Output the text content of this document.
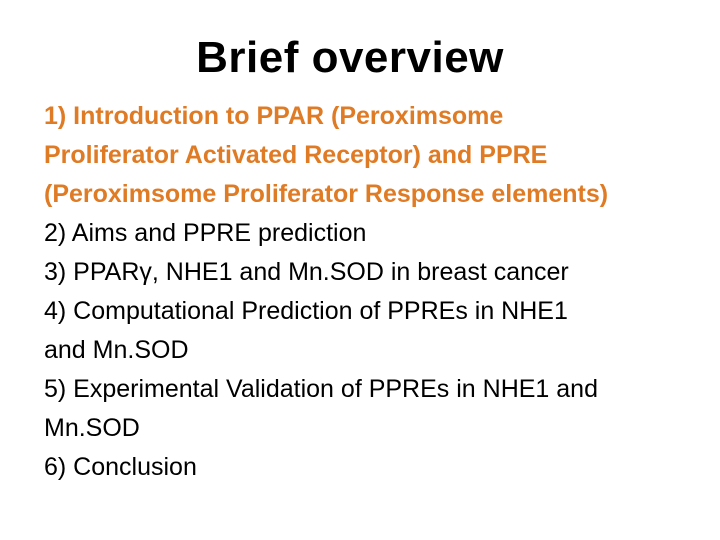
Brief overview
1) Introduction to PPAR (Peroximsome
Proliferator Activated Receptor) and PPRE
(Peroximsome Proliferator Response elements)
2) Aims and PPRE prediction
3) PPARγ, NHE1 and Mn.SOD in breast cancer
4) Computational Prediction of PPREs in NHE1
and Mn.SOD
5) Experimental Validation of PPREs in NHE1 and
Mn.SOD
6) Conclusion
